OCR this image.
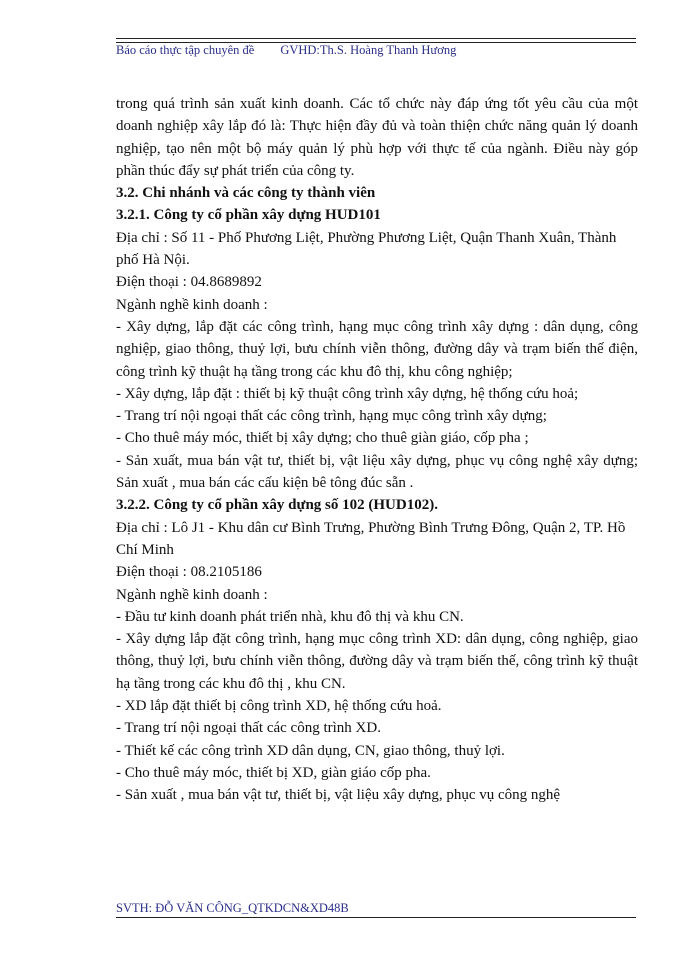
Báo cáo thực tập chuyên đề GVHD:Th.S. Hoàng Thanh Hương

trong quá trình sản xuất kinh doanh. Các tổ chức này đáp ứng tốt yêu cầu của một doanh nghiệp xây lắp đó là: Thực hiện đầy đủ và toàn thiện chức năng quản lý doanh nghiệp, tạo nên một bộ máy quản lý phù hợp với thực tế của ngành. Điều này góp phần thúc đẩy sự phát triển của công ty.

3.2. Chi nhánh và các công ty thành viên

3.2.1. Công ty cổ phần xây dựng HUD101

Địa chỉ : Số 11 - Phố Phương Liệt, Phường Phương Liệt, Quận Thanh Xuân, Thành phố Hà Nội.

Điện thoại : 04.8689892

Ngành nghề kinh doanh :

- Xây dựng, lắp đặt các công trình, hạng mục công trình xây dựng : dân dụng, công nghiệp, giao thông, thuỷ lợi, bưu chính viễn thông, đường dây và trạm biến thế điện, công trình kỹ thuật hạ tầng trong các khu đô thị, khu công nghiệp;

- Xây dựng, lắp đặt : thiết bị kỹ thuật công trình xây dựng, hệ thống cứu hoả;

- Trang trí nội ngoại thất các công trình, hạng mục công trình xây dựng;

- Cho thuê máy móc, thiết bị xây dựng; cho thuê giàn giáo, cốp pha ;

- Sản xuất, mua bán vật tư, thiết bị, vật liệu xây dựng, phục vụ công nghệ xây dựng; Sản xuất , mua bán các cấu kiện bê tông đúc sẵn .

3.2.2. Công ty cổ phần xây dựng số 102 (HUD102).

Địa chỉ : Lô J1 - Khu dân cư Bình Trưng, Phường Bình Trưng Đông, Quận 2, TP. Hồ Chí Minh

Điện thoại : 08.2105186

Ngành nghề kinh doanh :

- Đầu tư kinh doanh phát triển nhà, khu đô thị và khu CN.

- Xây dựng lắp đặt công trình, hạng mục công trình XD: dân dụng, công nghiệp, giao thông, thuỷ lợi, bưu chính viễn thông, đường dây và trạm biến thế, công trình kỹ thuật hạ tầng trong các khu đô thị , khu CN.

- XD lắp đặt thiết bị công trình XD, hệ thống cứu hoả.

- Trang trí nội ngoại thất các công trình XD.

- Thiết kế các công trình XD dân dụng, CN, giao thông, thuỷ lợi.

- Cho thuê máy móc, thiết bị XD, giàn giáo cốp pha.

- Sản xuất , mua bán vật tư, thiết bị, vật liệu xây dựng, phục vụ công nghệ

SVTH: ĐỖ VĂN CÔNG_QTKDCN&XD48B
